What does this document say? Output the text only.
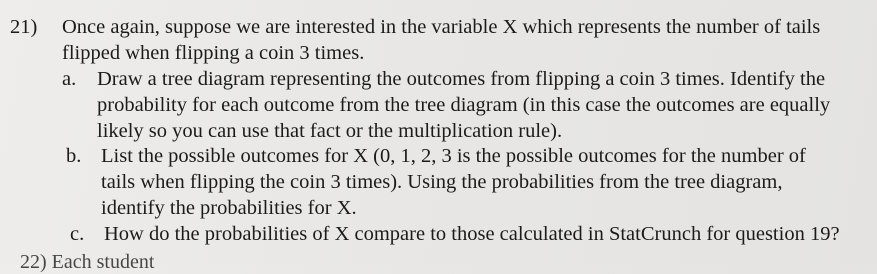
21) Once again, suppose we are interested in the variable X which represents the number of tails
flipped when flipping a coin 3 times.
a. Draw a tree diagram representing the outcomes from flipping a coin 3 times. Identify the
probability for each outcome from the tree diagram (in this case the outcomes are equally
likely so you can use that fact or the multiplication rule).
b. List the possible outcomes for X (0, 1, 2, 3 is the possible outcomes for the number of
tails when flipping the coin 3 times). Using the probabilities from the tree diagram,
identify the probabilities for X.
c. How do the probabilities of X compare to those calculated in StatCrunch for question 19?
22) Each student
